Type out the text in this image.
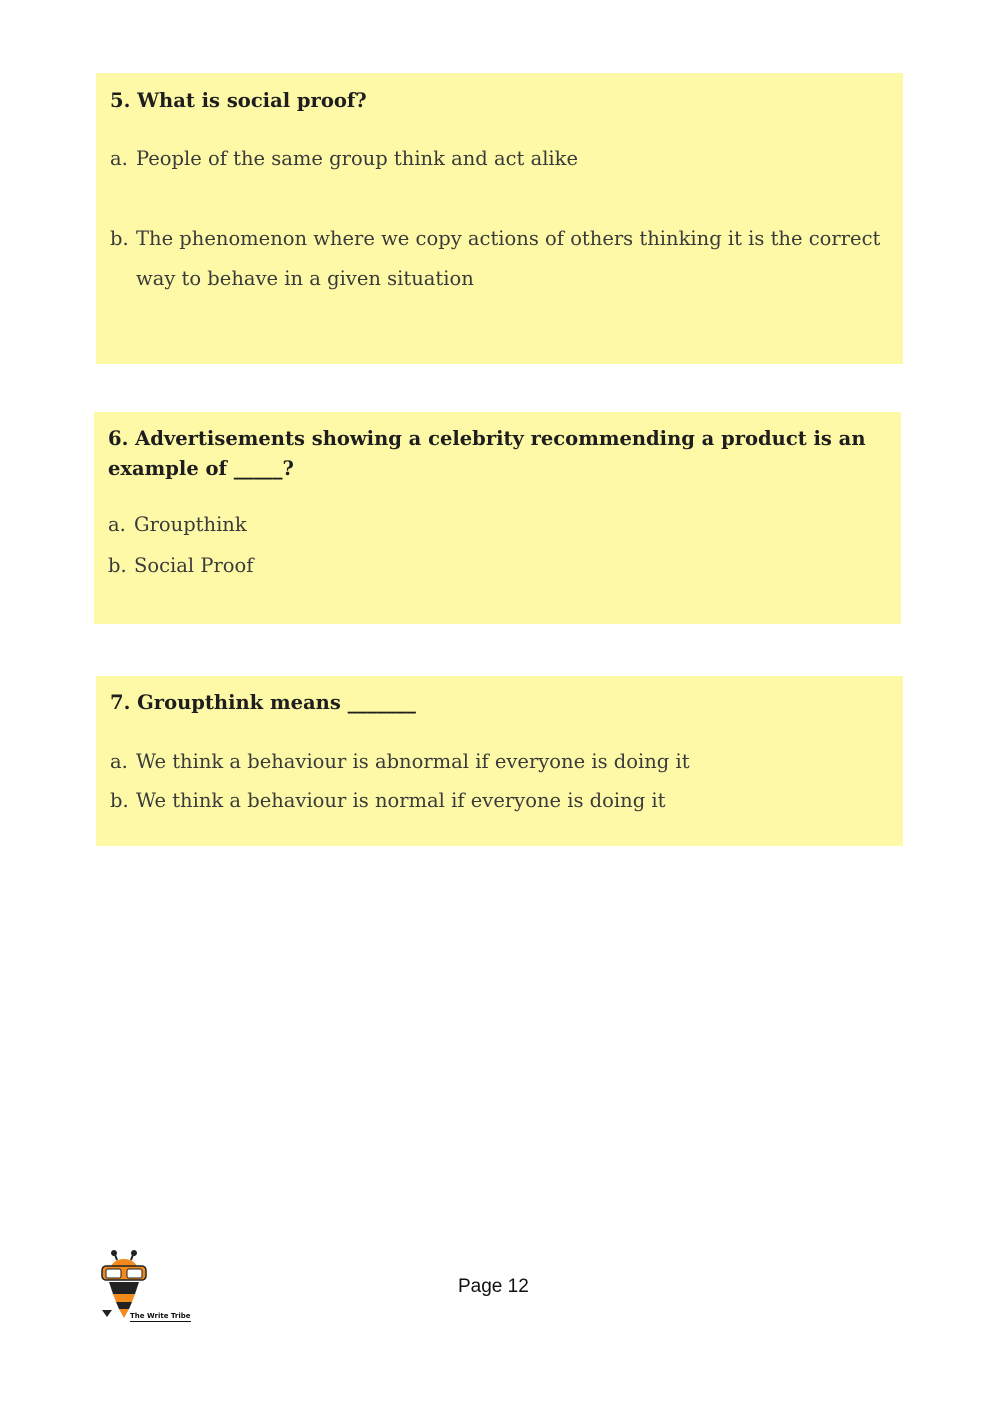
5. What is social proof?

a. People of the same group think and act alike
b. The phenomenon where we copy actions of others thinking it is the correct way to behave in a given situation

6. Advertisements showing a celebrity recommending a product is an example of _____?

a. Groupthink
b. Social Proof

7. Groupthink means _______

a. We think a behaviour is abnormal if everyone is doing it
b. We think a behaviour is normal if everyone is doing it
The Write Tribe
Page 12
